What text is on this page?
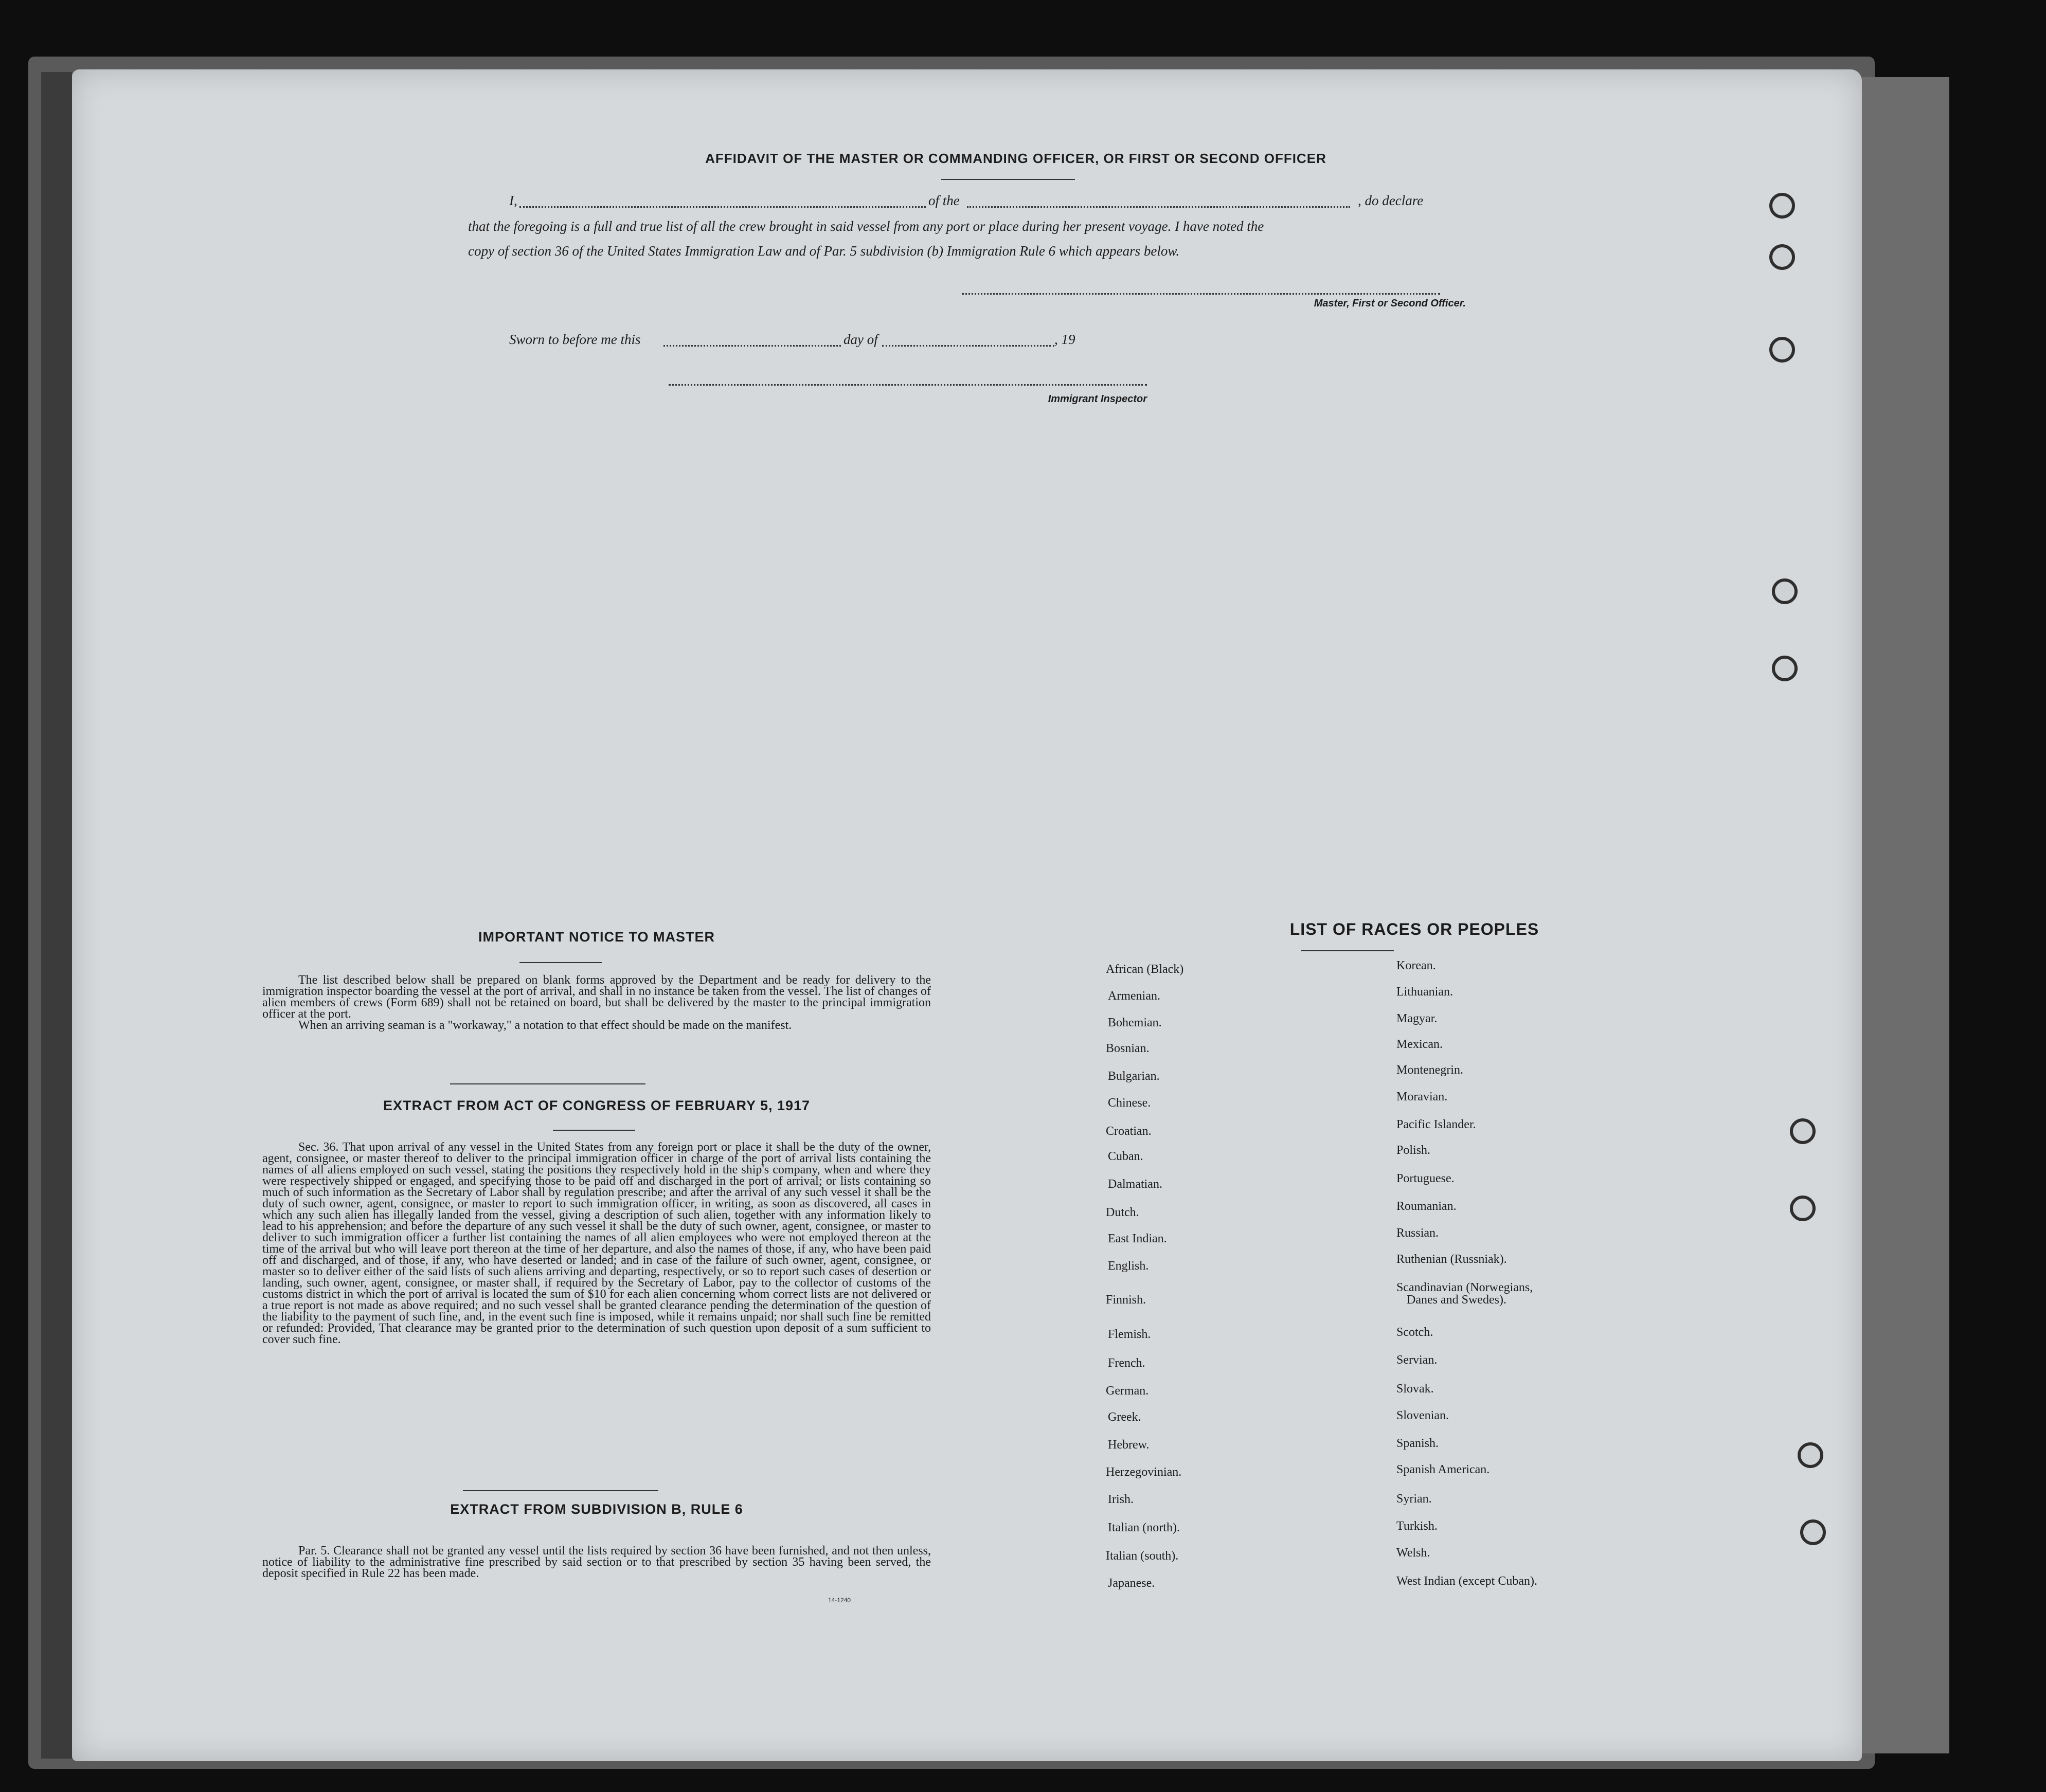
AFFIDAVIT OF THE MASTER OR COMMANDING OFFICER, OR FIRST OR SECOND OFFICER
I,	of the	, do declare
that the foregoing is a full and true list of all the crew brought in said vessel from any port or place during her present voyage. I have noted the
copy of section 36 of the United States Immigration Law and of Par. 5 subdivision (b) Immigration Rule 6 which appears below.
Master, First or Second Officer.
Sworn to before me this	day of	, 19
Immigrant Inspector
IMPORTANT NOTICE TO MASTER

The list described below shall be prepared on blank forms approved by the Department and be ready for delivery to the immigration inspector boarding the vessel at the port of arrival, and shall in no instance be taken from the vessel. The list of changes of alien members of crews (Form 689) shall not be retained on board, but shall be delivered by the master to the principal immigration officer at the port.

When an arriving seaman is a "workaway," a notation to that effect should be made on the manifest.

EXTRACT FROM ACT OF CONGRESS OF FEBRUARY 5, 1917

Sec. 36. That upon arrival of any vessel in the United States from any foreign port or place it shall be the duty of the owner, agent, consignee, or master thereof to deliver to the principal immigration officer in charge of the port of arrival lists containing the names of all aliens employed on such vessel, stating the positions they respectively hold in the ship's company, when and where they were respectively shipped or engaged, and specifying those to be paid off and discharged in the port of arrival; or lists containing so much of such information as the Secretary of Labor shall by regulation prescribe; and after the arrival of any such vessel it shall be the duty of such owner, agent, consignee, or master to report to such immigration officer, in writing, as soon as discovered, all cases in which any such alien has illegally landed from the vessel, giving a description of such alien, together with any information likely to lead to his apprehension; and before the departure of any such vessel it shall be the duty of such owner, agent, consignee, or master to deliver to such immigration officer a further list containing the names of all alien employees who were not employed thereon at the time of the arrival but who will leave port thereon at the time of her departure, and also the names of those, if any, who have been paid off and discharged, and of those, if any, who have deserted or landed; and in case of the failure of such owner, agent, consignee, or master so to deliver either of the said lists of such aliens arriving and departing, respectively, or so to report such cases of desertion or landing, such owner, agent, consignee, or master shall, if required by the Secretary of Labor, pay to the collector of customs of the customs district in which the port of arrival is located the sum of $10 for each alien concerning whom correct lists are not delivered or a true report is not made as above required; and no such vessel shall be granted clearance pending the determination of the question of the liability to the payment of such fine, and, in the event such fine is imposed, while it remains unpaid; nor shall such fine be remitted or refunded: Provided, That clearance may be granted prior to the determination of such question upon deposit of a sum sufficient to cover such fine.

EXTRACT FROM SUBDIVISION B, RULE 6

Par. 5. Clearance shall not be granted any vessel until the lists required by section 36 have been furnished, and not then unless, notice of liability to the administrative fine prescribed by said section or to that prescribed by section 35 having been served, the deposit specified in Rule 22 has been made.

14-1240
LIST OF RACES OR PEOPLES
African (Black)
Armenian.
Bohemian.
Bosnian.
Bulgarian.
Chinese.
Croatian.
Cuban.
Dalmatian.
Dutch.
East Indian.
English.
Finnish.
Flemish.
French.
German.
Greek.
Hebrew.
Herzegovinian.
Irish.
Italian (north).
Italian (south).
Japanese.
Korean.
Lithuanian.
Magyar.
Mexican.
Montenegrin.
Moravian.
Pacific Islander.
Polish.
Portuguese.
Roumanian.
Russian.
Ruthenian (Russniak).
Scandinavian (Norwegians,
Danes and Swedes).
Scotch.
Servian.
Slovak.
Slovenian.
Spanish.
Spanish American.
Syrian.
Turkish.
Welsh.
West Indian (except Cuban).
